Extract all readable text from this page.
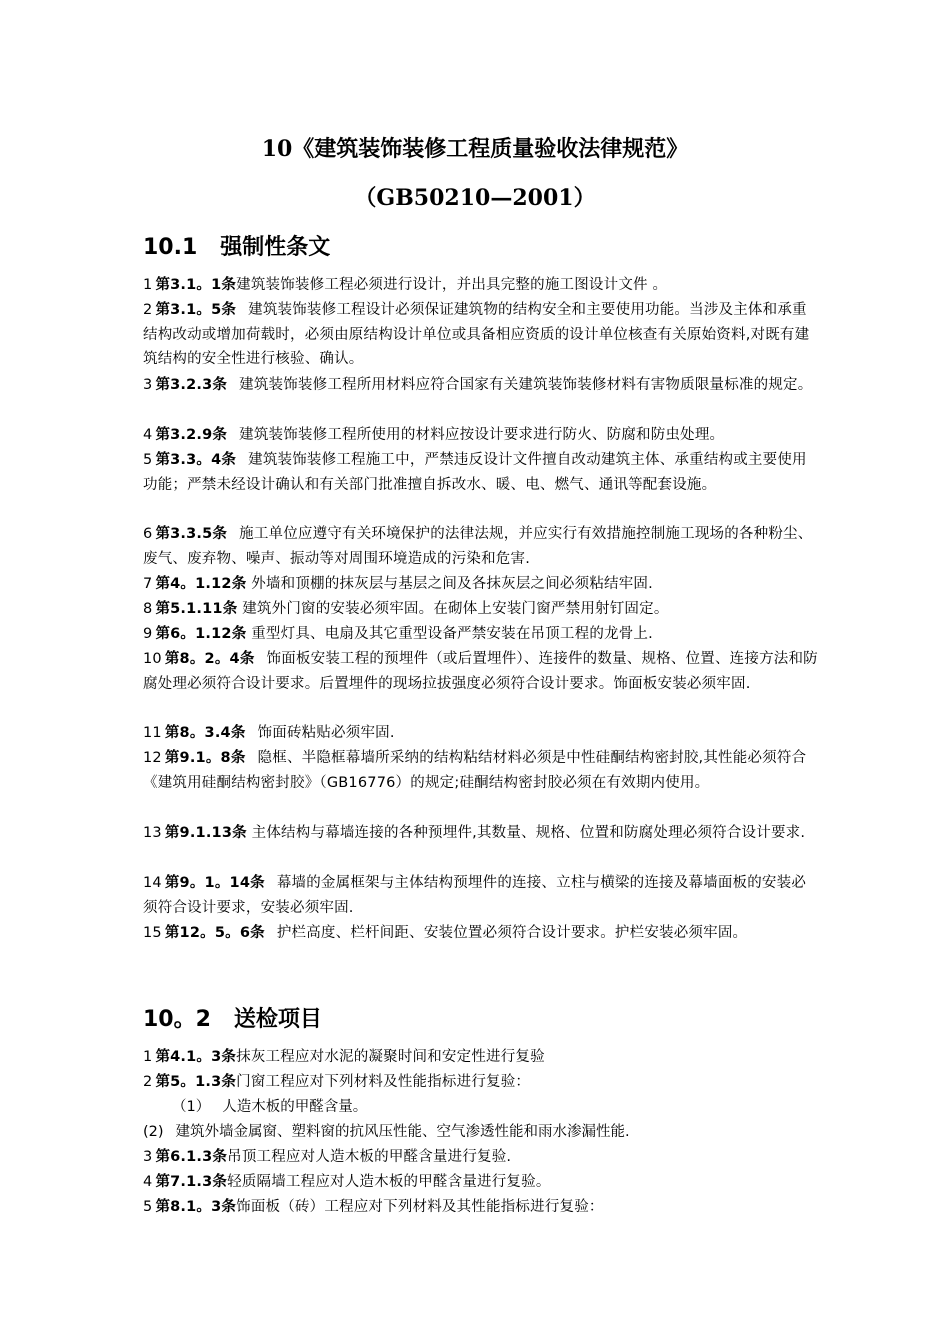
10《建筑装饰装修工程质量验收法律规范》
（GB50210—2001）
10.1   强制性条文
1 第3.1。1条建筑装饰装修工程必须进行设计，并出具完整的施工图设计文件 。
2 第3.1。5条 建筑装饰装修工程设计必须保证建筑物的结构安全和主要使用功能。当涉及主体和承重结构改动或增加荷载时，必须由原结构设计单位或具备相应资质的设计单位核查有关原始资料,对既有建筑结构的安全性进行核验、确认。
3 第3.2.3条 建筑装饰装修工程所用材料应符合国家有关建筑装饰装修材料有害物质限量标准的规定。
4 第3.2.9条 建筑装饰装修工程所使用的材料应按设计要求进行防火、防腐和防虫处理。
5 第3.3。4条 建筑装饰装修工程施工中，严禁违反设计文件擅自改动建筑主体、承重结构或主要使用功能；严禁未经设计确认和有关部门批准擅自拆改水、暖、电、燃气、通讯等配套设施。
6 第3.3.5条 施工单位应遵守有关环境保护的法律法规，并应实行有效措施控制施工现场的各种粉尘、废气、废弃物、噪声、振动等对周围环境造成的污染和危害.
7 第4。1.12条 外墙和顶棚的抹灰层与基层之间及各抹灰层之间必须粘结牢固.
8 第5.1.11条 建筑外门窗的安装必须牢固。在砌体上安装门窗严禁用射钉固定。
9 第6。1.12条 重型灯具、电扇及其它重型设备严禁安装在吊顶工程的龙骨上.
10 第8。2。4条 饰面板安装工程的预埋件（或后置埋件）、连接件的数量、规格、位置、连接方法和防腐处理必须符合设计要求。后置埋件的现场拉拔强度必须符合设计要求。饰面板安装必须牢固.
11 第8。3.4条 饰面砖粘贴必须牢固.
12 第9.1。8条 隐框、半隐框幕墙所采纳的结构粘结材料必须是中性硅酮结构密封胶,其性能必须符合《建筑用硅酮结构密封胶》（GB16776）的规定;硅酮结构密封胶必须在有效期内使用。
13 第9.1.13条 主体结构与幕墙连接的各种预埋件,其数量、规格、位置和防腐处理必须符合设计要求.
14 第9。1。14条 幕墙的金属框架与主体结构预埋件的连接、立柱与横梁的连接及幕墙面板的安装必须符合设计要求，安装必须牢固.
15 第12。5。6条 护栏高度、栏杆间距、安装位置必须符合设计要求。护栏安装必须牢固。
10。2   送检项目
1 第4.1。3条抹灰工程应对水泥的凝聚时间和安定性进行复验
2 第5。1.3条门窗工程应对下列材料及性能指标进行复验：
（1） 人造木板的甲醛含量。
(2) 建筑外墙金属窗、塑料窗的抗风压性能、空气渗透性能和雨水渗漏性能.
3 第6.1.3条吊顶工程应对人造木板的甲醛含量进行复验.
4 第7.1.3条轻质隔墙工程应对人造木板的甲醛含量进行复验。
5 第8.1。3条饰面板（砖）工程应对下列材料及其性能指标进行复验：
